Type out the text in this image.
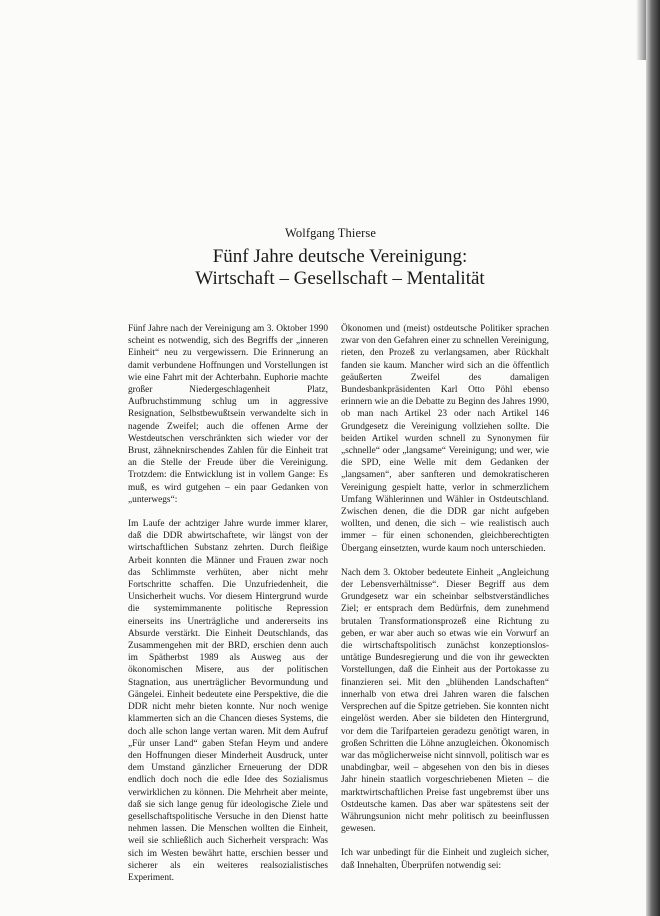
Wolfgang Thierse
Fünf Jahre deutsche Vereinigung:
Wirtschaft – Gesellschaft – Mentalität

Fünf Jahre nach der Vereinigung am 3. Oktober 1990 scheint es notwendig, sich des Begriffs der „inneren Einheit“ neu zu vergewissern. Die Erinnerung an damit verbundene Hoffnungen und Vorstellungen ist wie eine Fahrt mit der Achterbahn. Euphorie machte großer Niedergeschlagenheit Platz, Aufbruchstimmung schlug um in aggressive Resignation, Selbstbewußtsein verwandelte sich in nagende Zweifel; auch die offenen Arme der Westdeutschen verschränkten sich wieder vor der Brust, zähneknirschendes Zahlen für die Einheit trat an die Stelle der Freude über die Vereinigung. Trotzdem: die Entwicklung ist in vollem Gange: Es muß, es wird gutgehen – ein paar Gedanken von „unterwegs“:

Im Laufe der achtziger Jahre wurde immer klarer, daß die DDR abwirtschaftete, wir längst von der wirtschaftlichen Substanz zehrten. Durch fleißige Arbeit konnten die Männer und Frauen zwar noch das Schlimmste verhüten, aber nicht mehr Fortschritte schaffen. Die Unzufriedenheit, die Unsicherheit wuchs. Vor diesem Hintergrund wurde die systemimmanente politische Repression einerseits ins Unerträgliche und andererseits ins Absurde verstärkt. Die Einheit Deutschlands, das Zusammengehen mit der BRD, erschien denn auch im Spätherbst 1989 als Ausweg aus der ökonomischen Misere, aus der politischen Stagnation, aus unerträglicher Bevormundung und Gängelei. Einheit bedeutete eine Perspektive, die die DDR nicht mehr bieten konnte. Nur noch wenige klammerten sich an die Chancen dieses Systems, die doch alle schon lange vertan waren. Mit dem Aufruf „Für unser Land“ gaben Stefan Heym und andere den Hoffnungen dieser Minderheit Ausdruck, unter dem Umstand gänzlicher Erneuerung der DDR endlich doch noch die edle Idee des Sozialismus verwirklichen zu können. Die Mehrheit aber meinte, daß sie sich lange genug für ideologische Ziele und gesellschaftspolitische Versuche in den Dienst hatte nehmen lassen. Die Menschen wollten die Einheit, weil sie schließlich auch Sicherheit versprach: Was sich im Westen bewährt hatte, erschien besser und sicherer als ein weiteres realsozialistisches Experiment.

Ökonomen und (meist) ostdeutsche Politiker sprachen zwar von den Gefahren einer zu schnellen Vereinigung, rieten, den Prozeß zu verlangsamen, aber Rückhalt fanden sie kaum. Mancher wird sich an die öffentlich geäußerten Zweifel des damaligen Bundesbankpräsidenten Karl Otto Pöhl ebenso erinnern wie an die Debatte zu Beginn des Jahres 1990, ob man nach Artikel 23 oder nach Artikel 146 Grundgesetz die Vereinigung vollziehen sollte. Die beiden Artikel wurden schnell zu Synonymen für „schnelle“ oder „langsame“ Vereinigung; und wer, wie die SPD, eine Welle mit dem Gedanken der „langsamen“, aber sanfteren und demokratischeren Vereinigung gespielt hatte, verlor in schmerzlichem Umfang Wählerinnen und Wähler in Ostdeutschland. Zwischen denen, die die DDR gar nicht aufgeben wollten, und denen, die sich – wie realistisch auch immer – für einen schonenden, gleichberechtigten Übergang einsetzten, wurde kaum noch unterschieden.

Nach dem 3. Oktober bedeutete Einheit „Angleichung der Lebensverhältnisse“. Dieser Begriff aus dem Grundgesetz war ein scheinbar selbstverständliches Ziel; er entsprach dem Bedürfnis, dem zunehmend brutalen Transformationsprozeß eine Richtung zu geben, er war aber auch so etwas wie ein Vorwurf an die wirtschaftspolitisch zunächst konzeptionslos-untätige Bundesregierung und die von ihr geweckten Vorstellungen, daß die Einheit aus der Portokasse zu finanzieren sei. Mit den „blühenden Landschaften“ innerhalb von etwa drei Jahren waren die falschen Versprechen auf die Spitze getrieben. Sie konnten nicht eingelöst werden. Aber sie bildeten den Hintergrund, vor dem die Tarifparteien geradezu genötigt waren, in großen Schritten die Löhne anzugleichen. Ökonomisch war das möglicherweise nicht sinnvoll, politisch war es unabdingbar, weil – abgesehen von den bis in dieses Jahr hinein staatlich vorgeschriebenen Mieten – die marktwirtschaftlichen Preise fast ungebremst über uns Ostdeutsche kamen. Das aber war spätestens seit der Währungsunion nicht mehr politisch zu beeinflussen gewesen.

Ich war unbedingt für die Einheit und zugleich sicher, daß Innehalten, Überprüfen notwendig sei:
